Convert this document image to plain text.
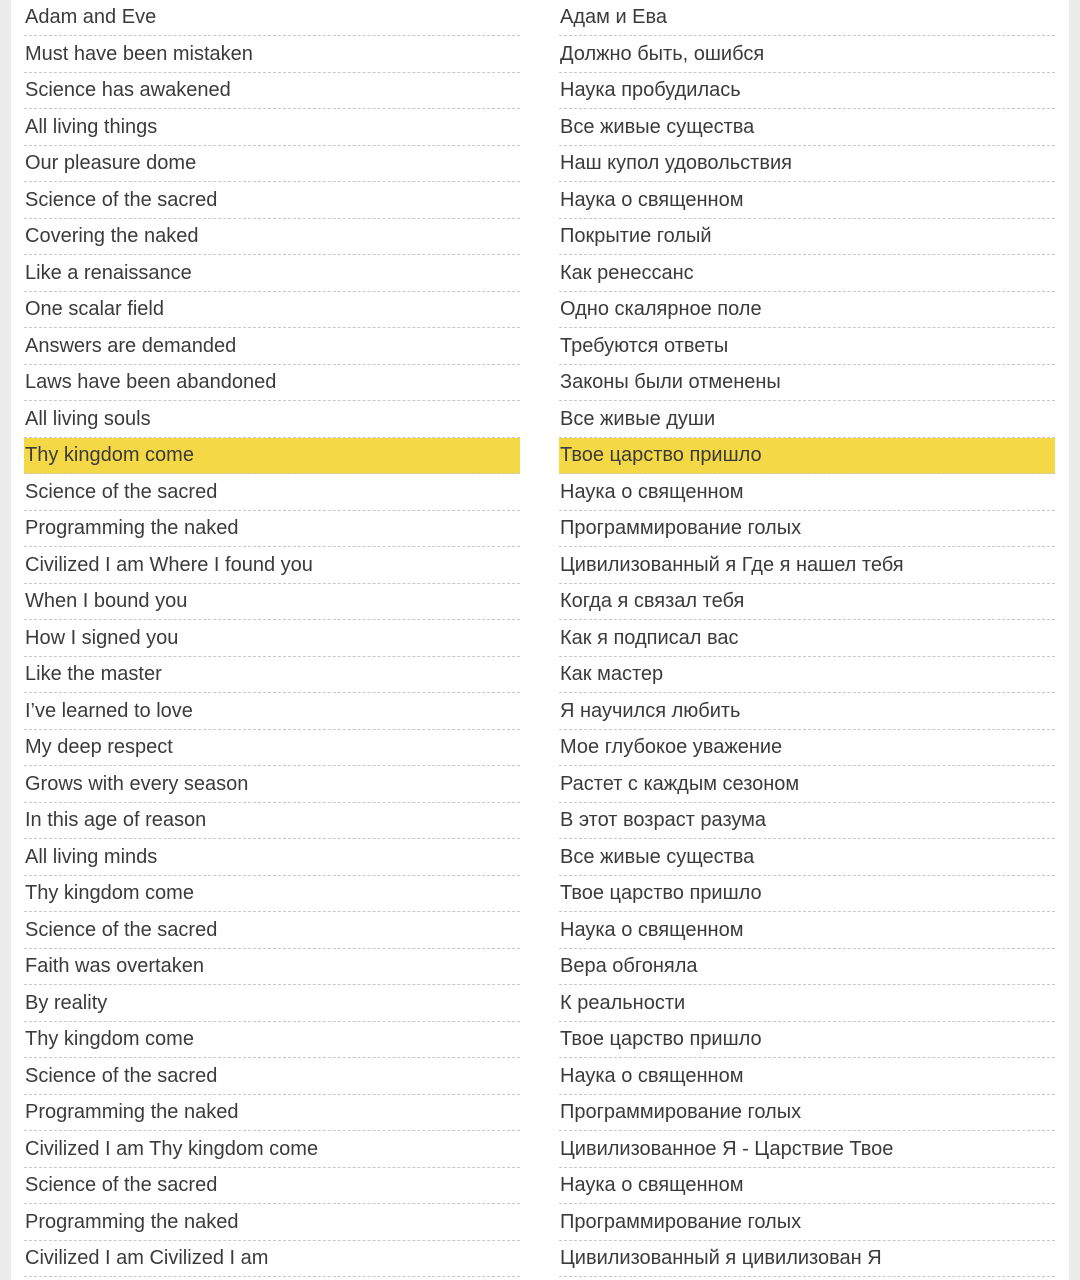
Adam and Eve
Must have been mistaken
Science has awakened
All living things
Our pleasure dome
Science of the sacred
Covering the naked
Like a renaissance
One scalar field
Answers are demanded
Laws have been abandoned
All living souls
Thy kingdom come
Science of the sacred
Programming the naked
Civilized I am Where I found you
When I bound you
How I signed you
Like the master
I’ve learned to love
My deep respect
Grows with every season
In this age of reason
All living minds
Thy kingdom come
Science of the sacred
Faith was overtaken
By reality
Thy kingdom come
Science of the sacred
Programming the naked
Civilized I am Thy kingdom come
Science of the sacred
Programming the naked
Civilized I am Civilized I am
Адам и Ева
Должно быть, ошибся
Наука пробудилась
Все живые существа
Наш купол удовольствия
Наука о священном
Покрытие голый
Как ренессанс
Одно скалярное поле
Требуются ответы
Законы были отменены
Все живые души
Твое царство пришло
Наука о священном
Программирование голых
Цивилизованный я Где я нашел тебя
Когда я связал тебя
Как я подписал вас
Как мастер
Я научился любить
Мое глубокое уважение
Растет с каждым сезоном
В этот возраст разума
Все живые существа
Твое царство пришло
Наука о священном
Вера обгоняла
К реальности
Твое царство пришло
Наука о священном
Программирование голых
Цивилизованное Я - Царствие Твое
Наука о священном
Программирование голых
Цивилизованный я цивилизован Я
